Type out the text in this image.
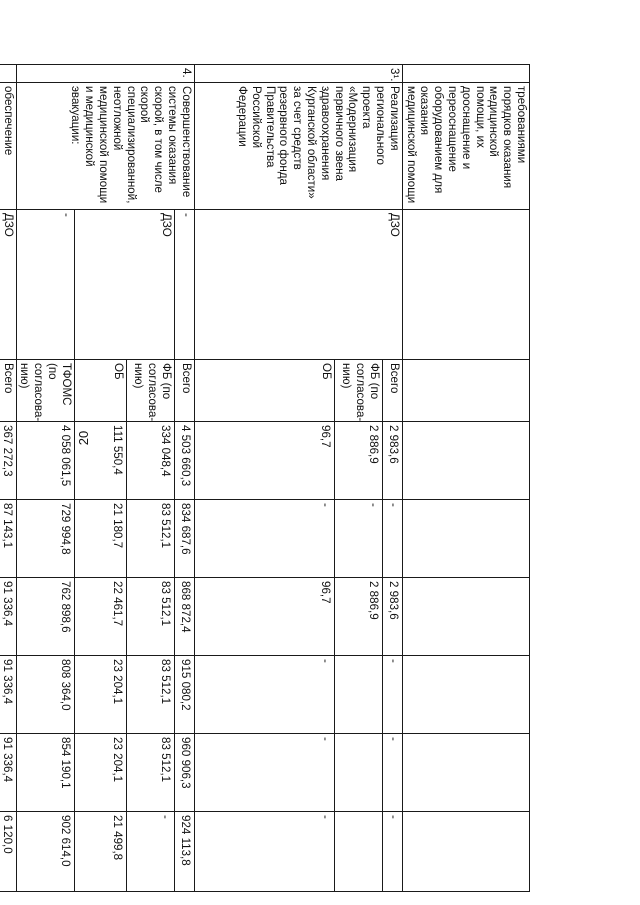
20
	требованиями порядков оказания медицинской помощи, их дооснащение и переоснащение оборудованием для оказания медицинской помощи								
3¹.	Реализация регионального проекта «Модернизация первичного звена здравоохранения Курганской области» за счет средств резервного фонда Правительства Российской Федерации	ДЗО	Всего	2 983,6	-	2 983,6	-	-	-
			ФБ (по
согласова-
нию)	2 886,9	-	2 886,9			
			ОБ	96,7	-	96,7	-	-	-
4.	Совершенствование системы оказания скорой, в том числе скорой специализированной, неотложной медицинской помощи и медицинской эвакуации:	-	Всего	4 503 660,3	834 687,6	868 872,4	915 080,2	960 906,3	924 113,8
		ДЗО	ФБ (по
согласова-
нию)	334 048,4	83 512,1	83 512,1	83 512,1	83 512,1	-
			ОБ	111 550,4	21 180,7	22 461,7	23 204,1	23 204,1	21 499,8
		-	ТФОМС (по
согласова-
нию)	4 058 061,5	729 994,8	762 898,6	808 364,0	854 190,1	902 614,0
	обеспечение	ДЗО	Всего	367 272,3	87 143,1	91 336,4	91 336,4	91 336,4	6 120,0
